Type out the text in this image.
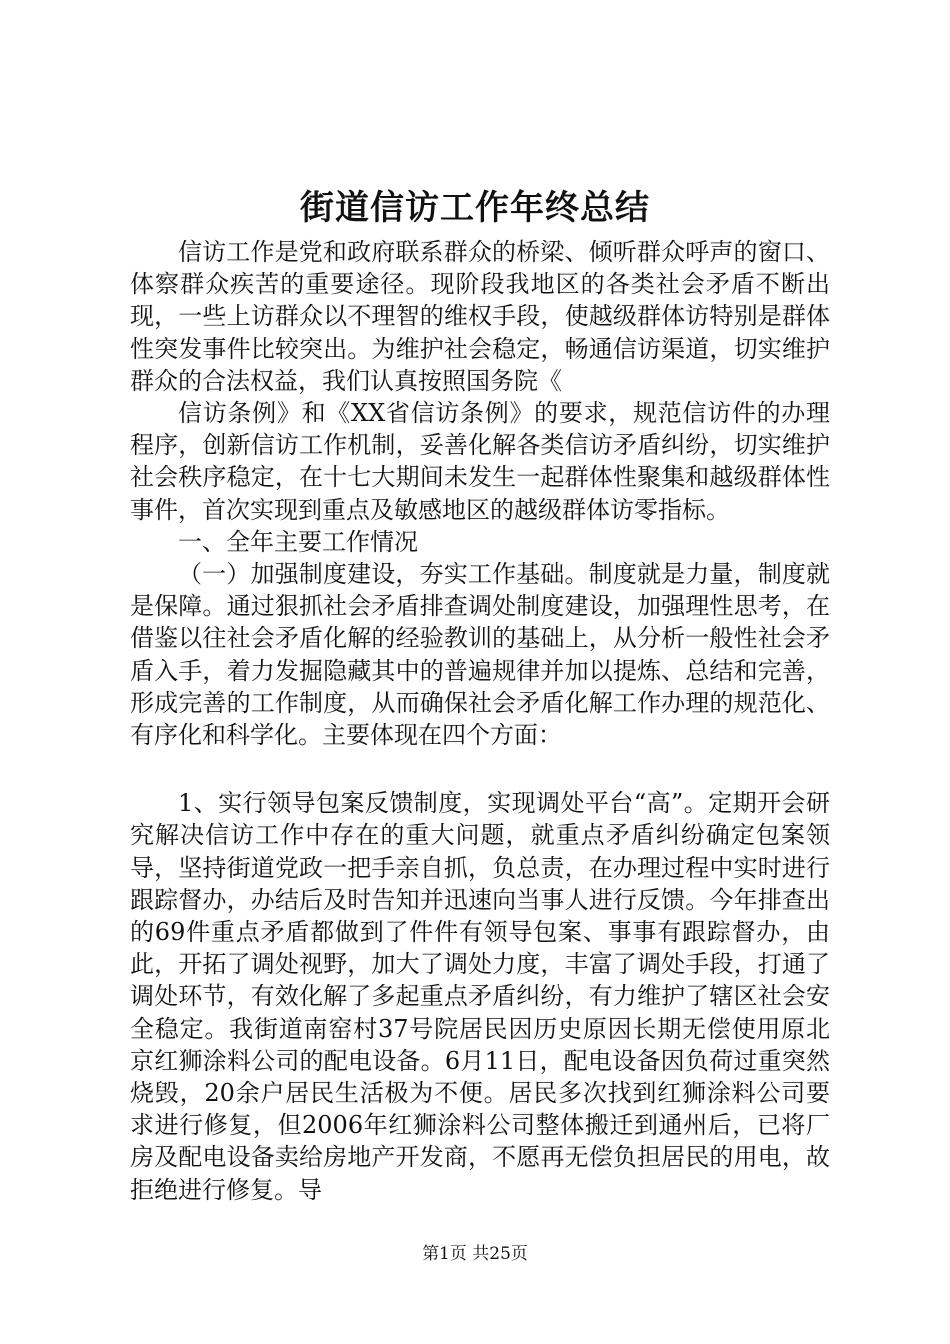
街道信访工作年终总结

信访工作是党和政府联系群众的桥梁、倾听群众呼声的窗口、体察群众疾苦的重要途径。现阶段我地区的各类社会矛盾不断出现，一些上访群众以不理智的维权手段，使越级群体访特别是群体性突发事件比较突出。为维护社会稳定，畅通信访渠道，切实维护群众的合法权益，我们认真按照国务院《

信访条例》和《XX省信访条例》的要求，规范信访件的办理程序，创新信访工作机制，妥善化解各类信访矛盾纠纷，切实维护社会秩序稳定，在十七大期间未发生一起群体性聚集和越级群体性事件，首次实现到重点及敏感地区的越级群体访零指标。

一、全年主要工作情况

（一）加强制度建设，夯实工作基础。制度就是力量，制度就是保障。通过狠抓社会矛盾排查调处制度建设，加强理性思考，在借鉴以往社会矛盾化解的经验教训的基础上，从分析一般性社会矛盾入手，着力发掘隐藏其中的普遍规律并加以提炼、总结和完善，形成完善的工作制度，从而确保社会矛盾化解工作办理的规范化、有序化和科学化。主要体现在四个方面：

1、实行领导包案反馈制度，实现调处平台“高”。定期开会研究解决信访工作中存在的重大问题，就重点矛盾纠纷确定包案领导，坚持街道党政一把手亲自抓，负总责，在办理过程中实时进行跟踪督办，办结后及时告知并迅速向当事人进行反馈。今年排查出的69件重点矛盾都做到了件件有领导包案、事事有跟踪督办，由此，开拓了调处视野，加大了调处力度，丰富了调处手段，打通了调处环节，有效化解了多起重点矛盾纠纷，有力维护了辖区社会安全稳定。我街道南窑村37号院居民因历史原因长期无偿使用原北京红狮涂料公司的配电设备。6月11日，配电设备因负荷过重突然烧毁，20余户居民生活极为不便。居民多次找到红狮涂料公司要求进行修复，但2006年红狮涂料公司整体搬迁到通州后，已将厂房及配电设备卖给房地产开发商，不愿再无偿负担居民的用电，故拒绝进行修复。导

第1页 共25页
